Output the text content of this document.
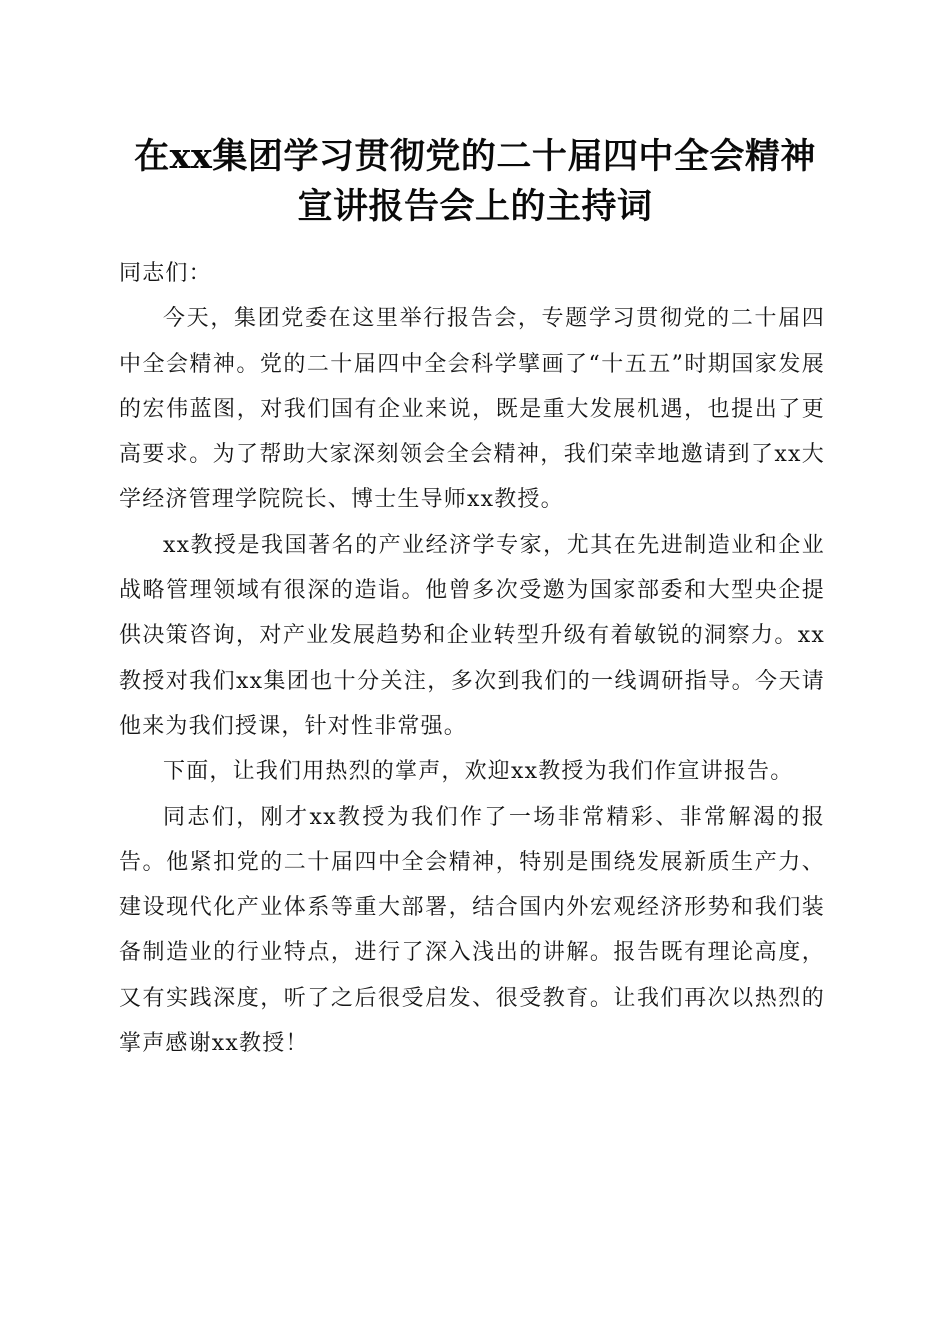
在xx集团学习贯彻党的二十届四中全会精神
宣讲报告会上的主持词

同志们：

今天，集团党委在这里举行报告会，专题学习贯彻党的二十届四中全会精神。党的二十届四中全会科学擘画了“十五五”时期国家发展的宏伟蓝图，对我们国有企业来说，既是重大发展机遇，也提出了更高要求。为了帮助大家深刻领会全会精神，我们荣幸地邀请到了xx大学经济管理学院院长、博士生导师xx教授。

xx教授是我国著名的产业经济学专家，尤其在先进制造业和企业战略管理领域有很深的造诣。他曾多次受邀为国家部委和大型央企提供决策咨询，对产业发展趋势和企业转型升级有着敏锐的洞察力。xx教授对我们xx集团也十分关注，多次到我们的一线调研指导。今天请他来为我们授课，针对性非常强。

下面，让我们用热烈的掌声，欢迎xx教授为我们作宣讲报告。

同志们，刚才xx教授为我们作了一场非常精彩、非常解渴的报告。他紧扣党的二十届四中全会精神，特别是围绕发展新质生产力、建设现代化产业体系等重大部署，结合国内外宏观经济形势和我们装备制造业的行业特点，进行了深入浅出的讲解。报告既有理论高度，又有实践深度，听了之后很受启发、很受教育。让我们再次以热烈的掌声感谢xx教授！
